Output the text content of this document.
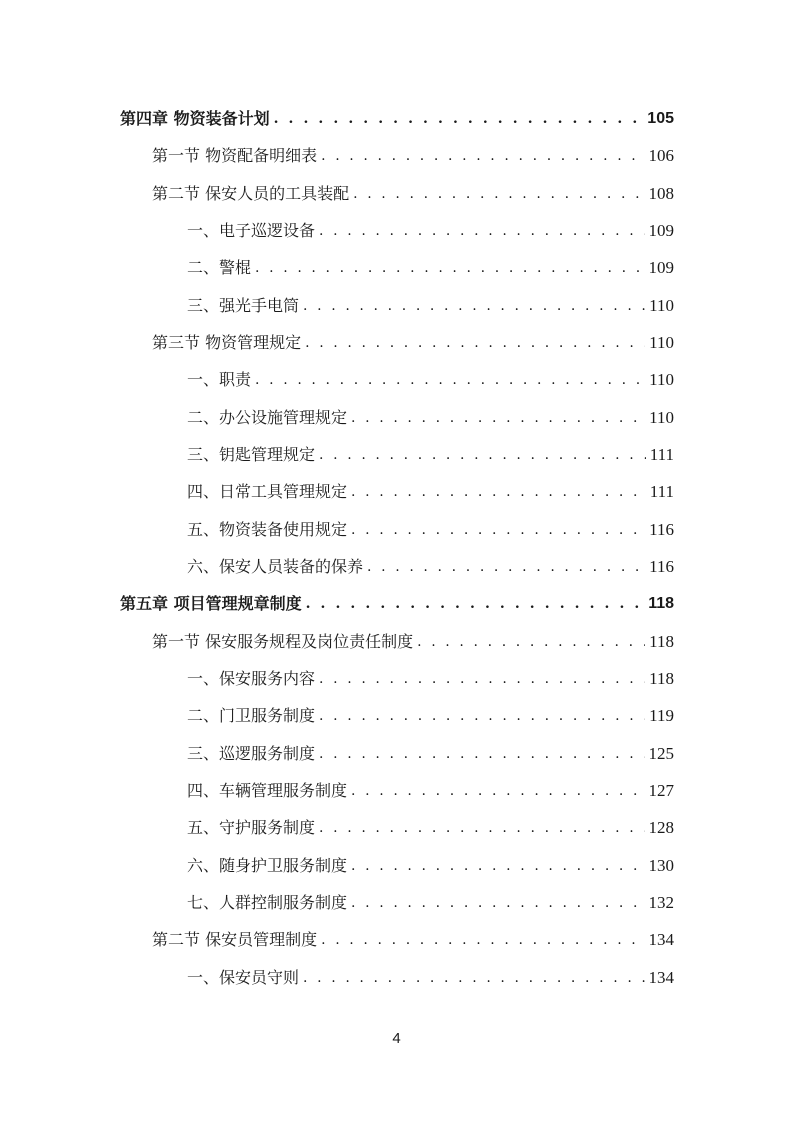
第四章 物资装备计划 . . .	105
第一节 物资配备明细表 . . .	106
第二节 保安人员的工具装配 . . .	108
一、电子巡逻设备 . . .	109
二、警棍 . . .	109
三、强光手电筒 . . .	110
第三节 物资管理规定 . . .	110
一、职责 . . .	110
二、办公设施管理规定 . . .	110
三、钥匙管理规定 . . .	111
四、日常工具管理规定 . . .	111
五、物资装备使用规定 . . .	116
六、保安人员装备的保养 . . .	116
第五章 项目管理规章制度 . . .	118
第一节 保安服务规程及岗位责任制度 . . .	118
一、保安服务内容 . . .	118
二、门卫服务制度 . . .	119
三、巡逻服务制度 . . .	125
四、车辆管理服务制度 . . .	127
五、守护服务制度 . . .	128
六、随身护卫服务制度 . . .	130
七、人群控制服务制度 . . .	132
第二节 保安员管理制度 . . .	134
一、保安员守则 . . .	134
4
